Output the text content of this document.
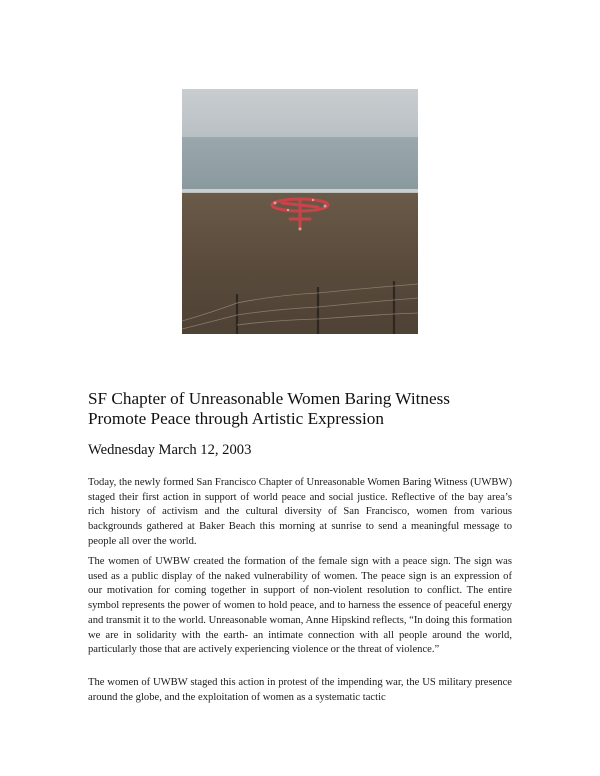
SF Chapter of Unreasonable Women Baring Witness Promote Peace through Artistic Expression

Wednesday March 12, 2003

Today, the newly formed San Francisco Chapter of Unreasonable Women Baring Witness (UWBW) staged their first action in support of world peace and social justice. Reflective of the bay area’s rich history of activism and the cultural diversity of San Francisco, women from various backgrounds gathered at Baker Beach this morning at sunrise to send a meaningful message to people all over the world.

The women of UWBW created the formation of the female sign with a peace sign. The sign was used as a public display of the naked vulnerability of women. The peace sign is an expression of our motivation for coming together in support of non-violent resolution to conflict. The entire symbol represents the power of women to hold peace, and to harness the essence of peaceful energy and transmit it to the world. Unreasonable woman, Anne Hipskind reflects, “In doing this formation we are in solidarity with the earth- an intimate connection with all people around the world, particularly those that are actively experiencing violence or the threat of violence.”

The women of UWBW staged this action in protest of the impending war, the US military presence around the globe, and the exploitation of women as a systematic tactic
